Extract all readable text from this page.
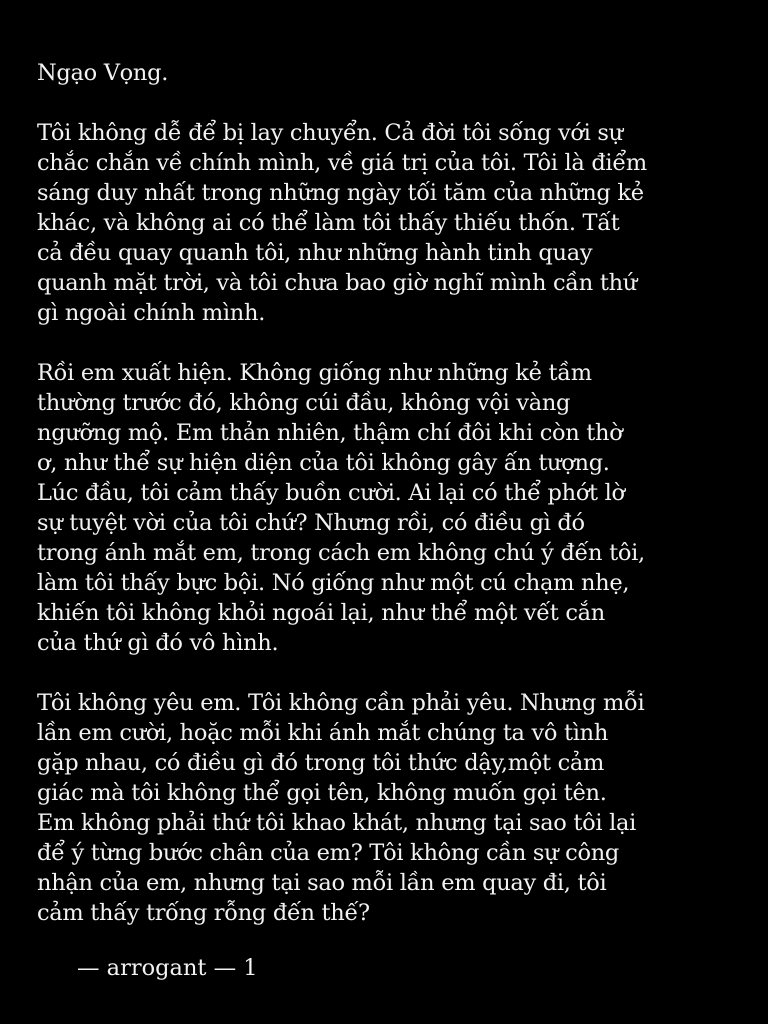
Ngạo Vọng.

Tôi không dễ để bị lay chuyển. Cả đời tôi sống với sự
chắc chắn về chính mình, về giá trị của tôi. Tôi là điểm
sáng duy nhất trong những ngày tối tăm của những kẻ
khác, và không ai có thể làm tôi thấy thiếu thốn. Tất
cả đều quay quanh tôi, như những hành tinh quay
quanh mặt trời, và tôi chưa bao giờ nghĩ mình cần thứ
gì ngoài chính mình.

Rồi em xuất hiện. Không giống như những kẻ tầm
thường trước đó, không cúi đầu, không vội vàng
ngưỡng mộ. Em thản nhiên, thậm chí đôi khi còn thờ
ơ, như thể sự hiện diện của tôi không gây ấn tượng.
Lúc đầu, tôi cảm thấy buồn cười. Ai lại có thể phớt lờ
sự tuyệt vời của tôi chứ? Nhưng rồi, có điều gì đó
trong ánh mắt em, trong cách em không chú ý đến tôi,
làm tôi thấy bực bội. Nó giống như một cú chạm nhẹ,
khiến tôi không khỏi ngoái lại, như thể một vết cắn
của thứ gì đó vô hình.

Tôi không yêu em. Tôi không cần phải yêu. Nhưng mỗi
lần em cười, hoặc mỗi khi ánh mắt chúng ta vô tình
gặp nhau, có điều gì đó trong tôi thức dậy,một cảm
giác mà tôi không thể gọi tên, không muốn gọi tên.
Em không phải thứ tôi khao khát, nhưng tại sao tôi lại
để ý từng bước chân của em? Tôi không cần sự công
nhận của em, nhưng tại sao mỗi lần em quay đi, tôi
cảm thấy trống rỗng đến thế?

— arrogant — 1
